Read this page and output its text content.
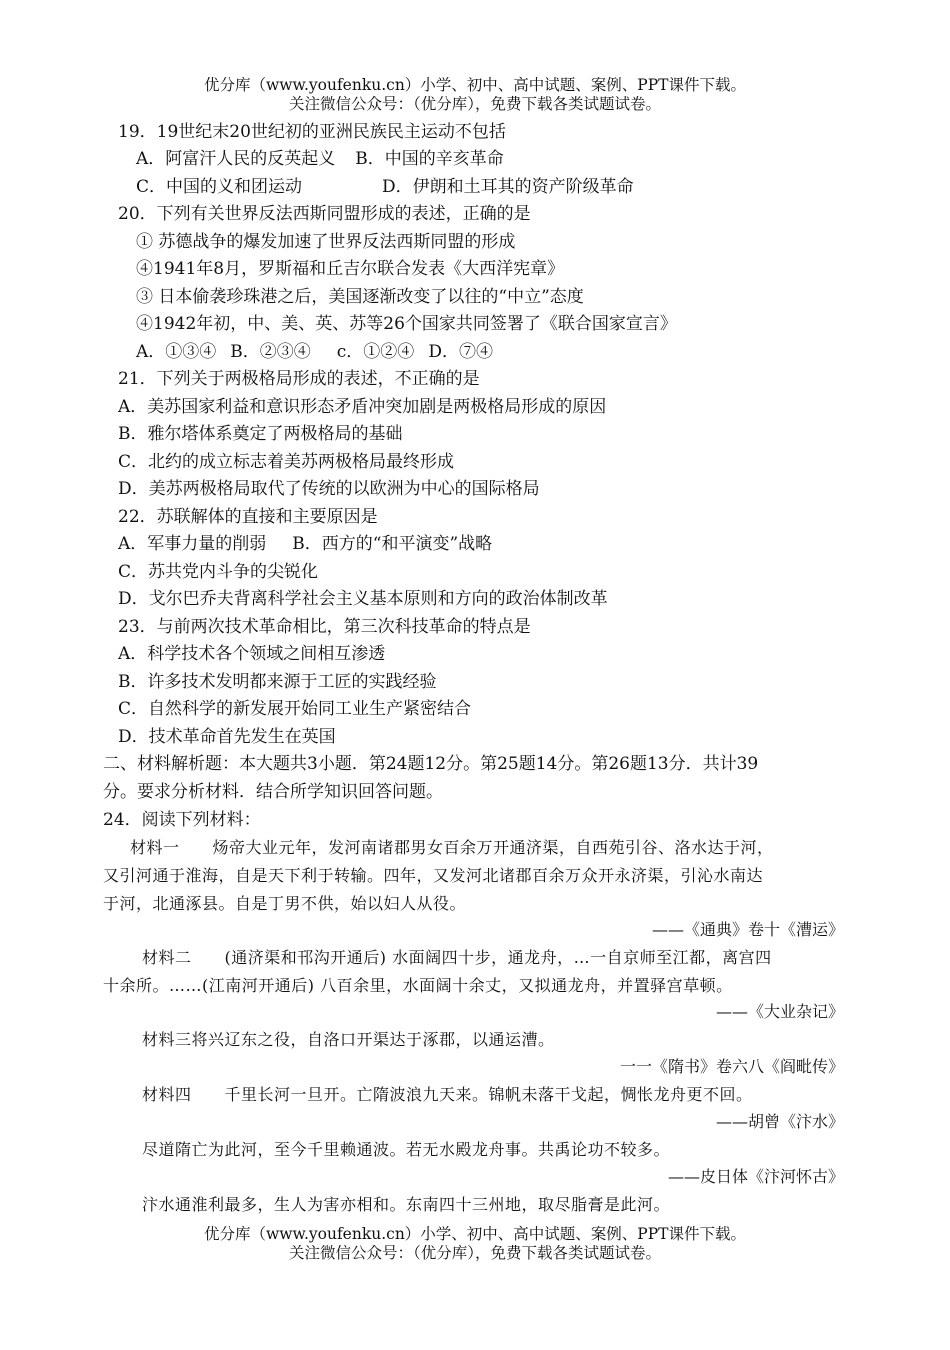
优分库（www.youfenku.cn）小学、初中、高中试题、案例、PPT课件下载。
关注微信公众号：（优分库），免费下载各类试题试卷。
19．19世纪末20世纪初的亚洲民族民主运动不包括
A．阿富汗人民的反英起义 B．中国的辛亥革命
C．中国的义和团运动	D．伊朗和土耳其的资产阶级革命
20．下列有关世界反法西斯同盟形成的表述，正确的是
① 苏德战争的爆发加速了世界反法西斯同盟的形成
④1941年8月，罗斯福和丘吉尔联合发表《大西洋宪章》
③ 日本偷袭珍珠港之后，美国逐渐改变了以往的“中立”态度
④1942年初，中、美、英、苏等26个国家共同签署了《联合国家宣言》
A．①③④ B．②③④ c．①②④ D．⑦④
21．下列关于两极格局形成的表述，不正确的是
A．美苏国家利益和意识形态矛盾冲突加剧是两极格局形成的原因
B．雅尔塔体系奠定了两极格局的基础
C．北约的成立标志着美苏两极格局最终形成
D．美苏两极格局取代了传统的以欧洲为中心的国际格局
22．苏联解体的直接和主要原因是
A．军事力量的削弱 B．西方的“和平演变”战略
C．苏共党内斗争的尖锐化
D．戈尔巴乔夫背离科学社会主义基本原则和方向的政治体制改革
23．与前两次技术革命相比，第三次科技革命的特点是
A．科学技术各个领域之间相互渗透
B．许多技术发明都来源于工匠的实践经验
C．自然科学的新发展开始同工业生产紧密结合
D．技术革命首先发生在英国
二、材料解析题：本大题共3小题．第24题12分。第25题14分。第26题13分．共计39
分。要求分析材料．结合所学知识回答问题。
24．阅读下列材料：
材料一　　炀帝大业元年，发河南诸郡男女百余万开通济渠，自西苑引谷、洛水达于河，
又引河通于淮海，自是天下利于转输。四年，又发河北诸郡百余万众开永济渠，引沁水南达
于河，北通涿县。自是丁男不供，始以妇人从役。
——《通典》卷十《漕运》
材料二　　(通济渠和邗沟开通后) 水面阔四十步，通龙舟，…一自京师至江都，离宫四
十余所。……(江南河开通后) 八百余里，水面阔十余丈，又拟通龙舟，并置驿宫草顿。
——《大业杂记》
材料三将兴辽东之役，自洛口开渠达于涿郡，以通运漕。
一一《隋书》卷六八《阎毗传》
材料四　　千里长河一旦开。亡隋波浪九天来。锦帆未落干戈起，惆怅龙舟更不回。
——胡曾《汴水》
尽道隋亡为此河，至今千里赖通波。若无水殿龙舟事。共禹论功不较多。
——皮日体《汴河怀古》
汴水通淮利最多，生人为害亦相和。东南四十三州地，取尽脂膏是此河。
优分库（www.youfenku.cn）小学、初中、高中试题、案例、PPT课件下载。
关注微信公众号：（优分库），免费下载各类试题试卷。
